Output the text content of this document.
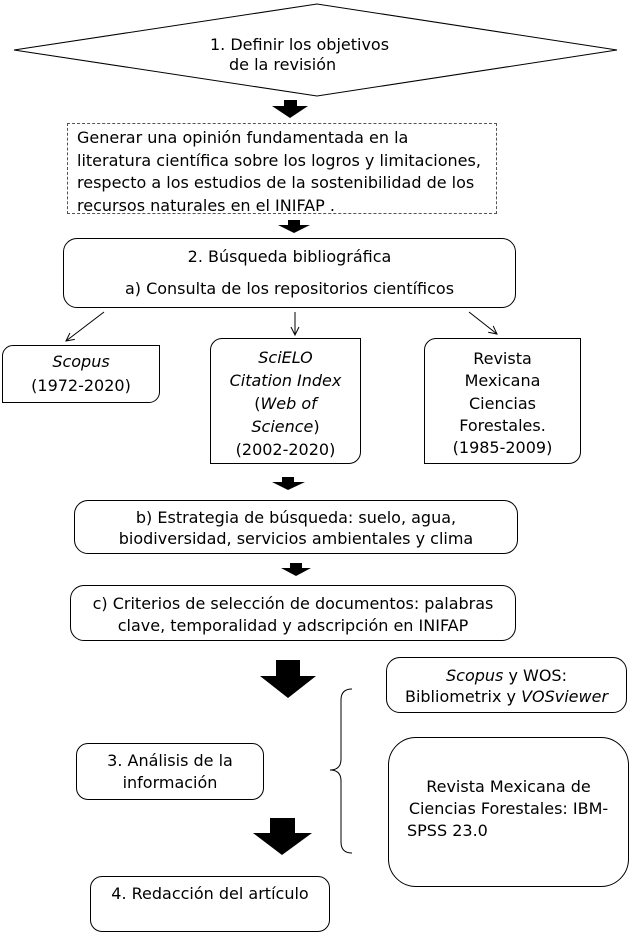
1. Definir los objetivos
de la revisión
Generar una opinión fundamentada en la
literatura científica sobre los logros y limitaciones,
respecto a los estudios de la sostenibilidad de los
recursos naturales en el INIFAP .
2. Búsqueda bibliográfica
a) Consulta de los repositorios científicos
Scopus
(1972-2020)
SciELO
Citation Index
(Web of
Science)
(2002-2020)
Revista
Mexicana
Ciencias
Forestales.
(1985-2009)
b) Estrategia de búsqueda: suelo, agua,
biodiversidad, servicios ambientales y clima
c) Criterios de selección de documentos: palabras
clave, temporalidad y adscripción en INIFAP
3. Análisis de la
información
Scopus y WOS:
Bibliometrix y VOSviewer
Revista Mexicana de
Ciencias Forestales: IBM-
SPSS 23.0
4. Redacción del artículo
